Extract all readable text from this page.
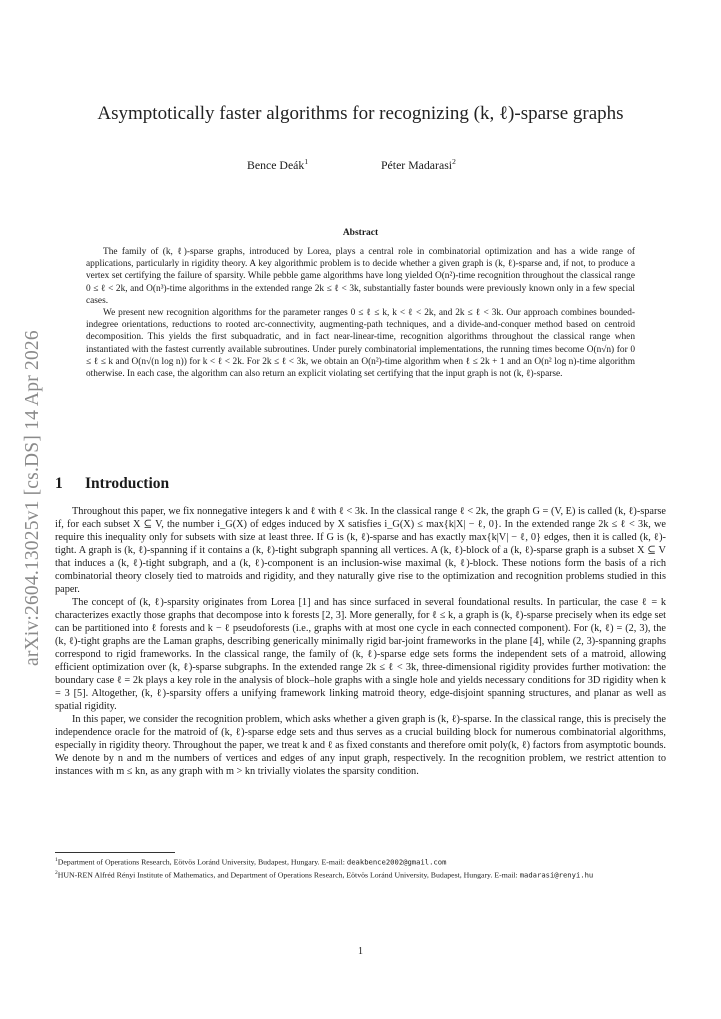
arXiv:2604.13025v1 [cs.DS] 14 Apr 2026
Asymptotically faster algorithms for recognizing (k, ℓ)-sparse graphs
Bence Deák$^1$	Péter Madarasi$^2$
Abstract

The family of (k, ℓ)-sparse graphs, introduced by Lorea, plays a central role in combinatorial optimization and has a wide range of applications, particularly in rigidity theory. A key algorithmic problem is to decide whether a given graph is (k, ℓ)-sparse and, if not, to produce a vertex set certifying the failure of sparsity. While pebble game algorithms have long yielded O(n²)-time recognition throughout the classical range 0 ≤ ℓ < 2k, and O(n³)-time algorithms in the extended range 2k ≤ ℓ < 3k, substantially faster bounds were previously known only in a few special cases.

We present new recognition algorithms for the parameter ranges 0 ≤ ℓ ≤ k, k < ℓ < 2k, and 2k ≤ ℓ < 3k. Our approach combines bounded-indegree orientations, reductions to rooted arc-connectivity, augmenting-path techniques, and a divide-and-conquer method based on centroid decomposition. This yields the first subquadratic, and in fact near-linear-time, recognition algorithms throughout the classical range when instantiated with the fastest currently available subroutines. Under purely combinatorial implementations, the running times become O(n√n) for 0 ≤ ℓ ≤ k and O(n√(n log n)) for k < ℓ < 2k. For 2k ≤ ℓ < 3k, we obtain an O(n²)-time algorithm when ℓ ≤ 2k + 1 and an O(n² log n)-time algorithm otherwise. In each case, the algorithm can also return an explicit violating set certifying that the input graph is not (k, ℓ)-sparse.

1 Introduction

Throughout this paper, we fix nonnegative integers k and ℓ with ℓ < 3k. In the classical range ℓ < 2k, the graph G = (V, E) is called (k, ℓ)-sparse if, for each subset X ⊆ V, the number i_G(X) of edges induced by X satisfies i_G(X) ≤ max{k|X| − ℓ, 0}. In the extended range 2k ≤ ℓ < 3k, we require this inequality only for subsets with size at least three. If G is (k, ℓ)-sparse and has exactly max{k|V| − ℓ, 0} edges, then it is called (k, ℓ)-tight. A graph is (k, ℓ)-spanning if it contains a (k, ℓ)-tight subgraph spanning all vertices. A (k, ℓ)-block of a (k, ℓ)-sparse graph is a subset X ⊆ V that induces a (k, ℓ)-tight subgraph, and a (k, ℓ)-component is an inclusion-wise maximal (k, ℓ)-block. These notions form the basis of a rich combinatorial theory closely tied to matroids and rigidity, and they naturally give rise to the optimization and recognition problems studied in this paper.

The concept of (k, ℓ)-sparsity originates from Lorea [1] and has since surfaced in several foundational results. In particular, the case ℓ = k characterizes exactly those graphs that decompose into k forests [2, 3]. More generally, for ℓ ≤ k, a graph is (k, ℓ)-sparse precisely when its edge set can be partitioned into ℓ forests and k − ℓ pseudoforests (i.e., graphs with at most one cycle in each connected component). For (k, ℓ) = (2, 3), the (k, ℓ)-tight graphs are the Laman graphs, describing generically minimally rigid bar-joint frameworks in the plane [4], while (2, 3)-spanning graphs correspond to rigid frameworks. In the classical range, the family of (k, ℓ)-sparse edge sets forms the independent sets of a matroid, allowing efficient optimization over (k, ℓ)-sparse subgraphs. In the extended range 2k ≤ ℓ < 3k, three-dimensional rigidity provides further motivation: the boundary case ℓ = 2k plays a key role in the analysis of block–hole graphs with a single hole and yields necessary conditions for 3D rigidity when k = 3 [5]. Altogether, (k, ℓ)-sparsity offers a unifying framework linking matroid theory, edge-disjoint spanning structures, and planar as well as spatial rigidity.

In this paper, we consider the recognition problem, which asks whether a given graph is (k, ℓ)-sparse. In the classical range, this is precisely the independence oracle for the matroid of (k, ℓ)-sparse edge sets and thus serves as a crucial building block for numerous combinatorial algorithms, especially in rigidity theory. Throughout the paper, we treat k and ℓ as fixed constants and therefore omit poly(k, ℓ) factors from asymptotic bounds. We denote by n and m the numbers of vertices and edges of any input graph, respectively. In the recognition problem, we restrict attention to instances with m ≤ kn, as any graph with m > kn trivially violates the sparsity condition.

$^1$Department of Operations Research, Eötvös Loránd University, Budapest, Hungary. E-mail: deakbence2002@gmail.com

$^2$HUN-REN Alfréd Rényi Institute of Mathematics, and Department of Operations Research, Eötvös Loránd University, Budapest, Hungary. E-mail: madarasi@renyi.hu

1
